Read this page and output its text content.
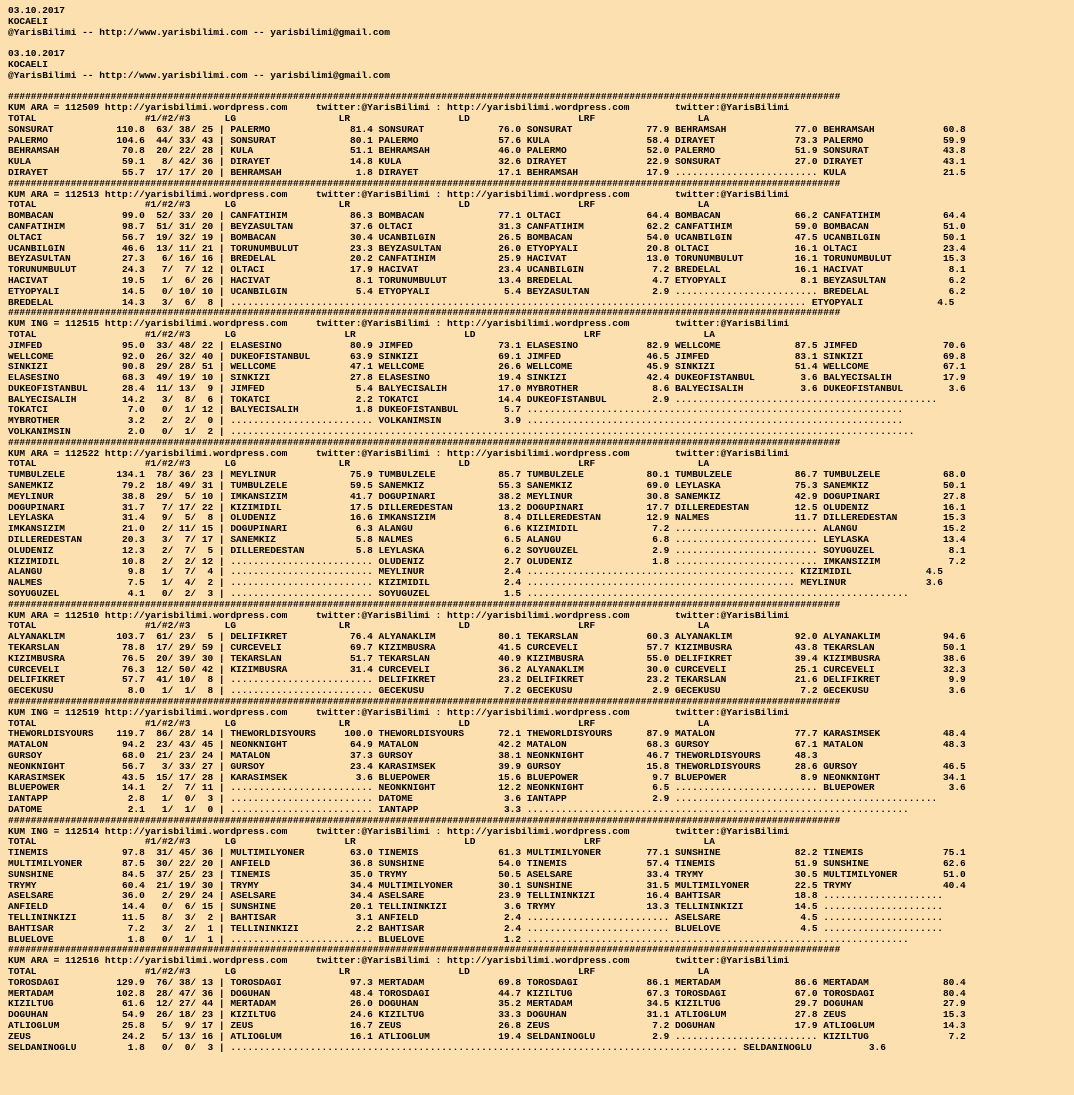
03.10.2017
KOCAELI
@YarisBilimi -- http://www.yarisbilimi.com -- yarisbilimi@gmail.com
03.10.2017
KOCAELI
@YarisBilimi -- http://www.yarisbilimi.com -- yarisbilimi@gmail.com
##################################################################################################################################################
KUM ARA = 112509 http://yarisbilimi.wordpress.com     twitter:@YarisBilimi : http://yarisbilimi.wordpress.com        twitter:@YarisBilimi
TOTAL                   #1/#2/#3      LG                  LR                   LD                   LRF                  LA
SONSURAT           110.8  63/ 38/ 25 | PALERMO              81.4 SONSURAT             76.0 SONSURAT             77.9 BEHRAMSAH            77.0 BEHRAMSAH            60.8
PALERMO            104.6  44/ 33/ 43 | SONSURAT             80.1 PALERMO              57.6 KULA                 58.4 DIRAYET              73.3 PALERMO              59.9
BEHRAMSAH           70.8  20/ 22/ 28 | KULA                 51.1 BEHRAMSAH            46.0 PALERMO              52.0 PALERMO              51.9 SONSURAT             43.8
KULA                59.1   8/ 42/ 36 | DIRAYET              14.8 KULA                 32.6 DIRAYET              22.9 SONSURAT             27.0 DIRAYET              43.1
DIRAYET             55.7  17/ 17/ 20 | BEHRAMSAH             1.8 DIRAYET              17.1 BEHRAMSAH            17.9 ......................... KULA                 21.5
##################################################################################################################################################
KUM ARA = 112513 http://yarisbilimi.wordpress.com     twitter:@YarisBilimi : http://yarisbilimi.wordpress.com        twitter:@YarisBilimi
TOTAL                   #1/#2/#3      LG                  LR                   LD                   LRF                  LA
BOMBACAN            99.0  52/ 33/ 20 | CANFATIHIM           86.3 BOMBACAN             77.1 OLTACI               64.4 BOMBACAN             66.2 CANFATIHIM           64.4
CANFATIHIM          98.7  51/ 31/ 20 | BEYZASULTAN          37.6 OLTACI               31.3 CANFATIHIM           62.2 CANFATIHIM           59.0 BOMBACAN             51.0
OLTACI              56.7  19/ 32/ 19 | BOMBACAN             30.4 UCANBILGIN           26.5 BOMBACAN             54.0 UCANBILGIN           47.5 UCANBILGIN           50.1
UCANBILGIN          46.6  13/ 11/ 21 | TORUNUMBULUT         23.3 BEYZASULTAN          26.0 ETYOPYALI            20.8 OLTACI               16.1 OLTACI               23.4
BEYZASULTAN         27.3   6/ 16/ 16 | BREDELAL             20.2 CANFATIHIM           25.9 HACIVAT              13.0 TORUNUMBULUT         16.1 TORUNUMBULUT         15.3
TORUNUMBULUT        24.3   7/  7/ 12 | OLTACI               17.9 HACIVAT              23.4 UCANBILGIN            7.2 BREDELAL             16.1 HACIVAT               8.1
HACIVAT             19.5   1/  6/ 26 | HACIVAT               8.1 TORUNUMBULUT         13.4 BREDELAL              4.7 ETYOPYALI             8.1 BEYZASULTAN           6.2
ETYOPYALI           14.5   0/ 10/ 10 | UCANBILGIN            5.4 ETYOPYALI             5.4 BEYZASULTAN           2.9 ......................... BREDELAL              6.2
BREDELAL            14.3   3/  6/  8 | ..................................................................................................... ETYOPYALI             4.5
##################################################################################################################################################
KUM ING = 112515 http://yarisbilimi.wordpress.com     twitter:@YarisBilimi : http://yarisbilimi.wordpress.com        twitter:@YarisBilimi
TOTAL                   #1/#2/#3      LG                   LR                   LD                   LRF                  LA
JIMFED              95.0  33/ 48/ 22 | ELASESINO            80.9 JIMFED               73.1 ELASESINO            82.9 WELLCOME             87.5 JIMFED               70.6
WELLCOME            92.0  26/ 32/ 40 | DUKEOFISTANBUL       63.9 SINKIZI              69.1 JIMFED               46.5 JIMFED               83.1 SINKIZI              69.8
SINKIZI             90.8  29/ 28/ 51 | WELLCOME             47.1 WELLCOME             26.6 WELLCOME             45.9 SINKIZI              51.4 WELLCOME             67.1
ELASESINO           68.3  49/ 19/ 10 | SINKIZI              27.8 ELASESINO            19.4 SINKIZI              42.4 DUKEOFISTANBUL        3.6 BALYECISALIH         17.9
DUKEOFISTANBUL      28.4  11/ 13/  9 | JIMFED                5.4 BALYECISALIH         17.0 MYBROTHER             8.6 BALYECISALIH          3.6 DUKEOFISTANBUL        3.6
BALYECISALIH        14.2   3/  8/  6 | TOKATCI               2.2 TOKATCI              14.4 DUKEOFISTANBUL        2.9 ..............................................
TOKATCI              7.0   0/  1/ 12 | BALYECISALIH          1.8 DUKEOFISTANBUL        5.7 ..................................................................
MYBROTHER            3.2   2/  2/  0 | ......................... VOLKANIMSIN           3.9 ..................................................................
VOLKANIMSIN          2.0   0/  1/  2 | ........................................................................................................................
##################################################################################################################################################
KUM ARA = 112522 http://yarisbilimi.wordpress.com     twitter:@YarisBilimi : http://yarisbilimi.wordpress.com        twitter:@YarisBilimi
TOTAL                   #1/#2/#3      LG                  LR                   LD                   LRF                  LA
TUMBULZELE         134.1  78/ 36/ 23 | MEYLINUR             75.9 TUMBULZELE           85.7 TUMBULZELE           80.1 TUMBULZELE           86.7 TUMBULZELE           68.0
SANEMKIZ            79.2  18/ 49/ 31 | TUMBULZELE           59.5 SANEMKIZ             55.3 SANEMKIZ             69.0 LEYLASKA             75.3 SANEMKIZ             50.1
MEYLINUR            38.8  29/  5/ 10 | IMKANSIZIM           41.7 DOGUPINARI           38.2 MEYLINUR             30.8 SANEMKIZ             42.9 DOGUPINARI           27.8
DOGUPINARI          31.7   7/ 17/ 22 | KIZIMIDIL            17.5 DILLEREDESTAN        13.2 DOGUPINARI           17.7 DILLEREDESTAN        12.5 OLUDENIZ             16.1
LEYLASKA            31.4   9/  5/  8 | OLUDENIZ             16.6 IMKANSIZIM            8.4 DILLEREDESTAN        12.9 NALMES               11.7 DILLEREDESTAN        15.3
IMKANSIZIM          21.0   2/ 11/ 15 | DOGUPINARI            6.3 ALANGU                6.6 KIZIMIDIL             7.2 ......................... ALANGU               15.2
DILLEREDESTAN       20.3   3/  7/ 17 | SANEMKIZ              5.8 NALMES                6.5 ALANGU                6.8 ......................... LEYLASKA             13.4
OLUDENIZ            12.3   2/  7/  5 | DILLEREDESTAN         5.8 LEYLASKA              6.2 SOYUGUZEL             2.9 ......................... SOYUGUZEL             8.1
KIZIMIDIL           10.8   2/  2/ 12 | ......................... OLUDENIZ              2.7 OLUDENIZ              1.8 ......................... IMKANSIZIM            7.2
ALANGU               9.8   1/  7/  4 | ......................... MEYLINUR              2.4 ............................................... KIZIMIDIL             4.5
NALMES               7.5   1/  4/  2 | ......................... KIZIMIDIL             2.4 ............................................... MEYLINUR              3.6
SOYUGUZEL            4.1   0/  2/  3 | ......................... SOYUGUZEL             1.5 ...................................................................
##################################################################################################################################################
KUM ARA = 112510 http://yarisbilimi.wordpress.com     twitter:@YarisBilimi : http://yarisbilimi.wordpress.com        twitter:@YarisBilimi
TOTAL                   #1/#2/#3      LG                  LR                   LD                   LRF                  LA
ALYANAKLIM         103.7  61/ 23/  5 | DELIFIKRET           76.4 ALYANAKLIM           80.1 TEKARSLAN            60.3 ALYANAKLIM           92.0 ALYANAKLIM           94.6
TEKARSLAN           78.8  17/ 29/ 59 | CURCEVELI            69.7 KIZIMBUSRA           41.5 CURCEVELI            57.7 KIZIMBUSRA           43.8 TEKARSLAN            50.1
KIZIMBUSRA          76.5  20/ 39/ 30 | TEKARSLAN            51.7 TEKARSLAN            40.9 KIZIMBUSRA           55.0 DELIFIKRET           39.4 KIZIMBUSRA           38.6
CURCEVELI           76.3  12/ 50/ 42 | KIZIMBUSRA           31.4 CURCEVELI            36.2 ALYANAKLIM           30.0 CURCEVELI            25.1 CURCEVELI            32.3
DELIFIKRET          57.7  41/ 10/  8 | ......................... DELIFIKRET           23.2 DELIFIKRET           23.2 TEKARSLAN            21.6 DELIFIKRET            9.9
GECEKUSU             8.0   1/  1/  8 | ......................... GECEKUSU              7.2 GECEKUSU              2.9 GECEKUSU              7.2 GECEKUSU              3.6
##################################################################################################################################################
KUM ING = 112519 http://yarisbilimi.wordpress.com     twitter:@YarisBilimi : http://yarisbilimi.wordpress.com        twitter:@YarisBilimi
TOTAL                   #1/#2/#3      LG                  LR                   LD                   LRF                  LA
THEWORLDISYOURS    119.7  86/ 28/ 14 | THEWORLDISYOURS     100.0 THEWORLDISYOURS      72.1 THEWORLDISYOURS      87.9 MATALON              77.7 KARASIMSEK           48.4
MATALON             94.2  23/ 43/ 45 | NEONKNIGHT           64.9 MATALON              42.2 MATALON              68.3 GURSOY               67.1 MATALON              48.3
GURSOY              68.0  21/ 23/ 24 | MATALON              37.3 GURSOY               38.1 NEONKNIGHT           46.7 THEWORLDISYOURS      48.3
NEONKNIGHT          56.7   3/ 33/ 27 | GURSOY               23.4 KARASIMSEK           39.9 GURSOY               15.8 THEWORLDISYOURS      28.6 GURSOY               46.5
KARASIMSEK          43.5  15/ 17/ 28 | KARASIMSEK            3.6 BLUEPOWER            15.6 BLUEPOWER             9.7 BLUEPOWER             8.9 NEONKNIGHT           34.1
BLUEPOWER           14.1   2/  7/ 11 | ......................... NEONKNIGHT           12.2 NEONKNIGHT            6.5 ......................... BLUEPOWER             3.6
IANTAPP              2.8   1/  0/  3 | ......................... DATOME                3.6 IANTAPP               2.9 ..............................................
DATOME               2.1   1/  1/  0 | ......................... IANTAPP               3.3 ...................................................................
##################################################################################################################################################
KUM ING = 112514 http://yarisbilimi.wordpress.com     twitter:@YarisBilimi : http://yarisbilimi.wordpress.com        twitter:@YarisBilimi
TOTAL                   #1/#2/#3      LG                   LR                   LD                   LRF                  LA
TINEMIS             97.8  31/ 45/ 36 | MULTIMILYONER        63.0 TINEMIS              61.3 MULTIMILYONER        77.1 SUNSHINE             82.2 TINEMIS              75.1
MULTIMILYONER       87.5  30/ 22/ 20 | ANFIELD              36.8 SUNSHINE             54.0 TINEMIS              57.4 TINEMIS              51.9 SUNSHINE             62.6
SUNSHINE            84.5  37/ 25/ 23 | TINEMIS              35.0 TRYMY                50.5 ASELSARE             33.4 TRYMY                30.5 MULTIMILYONER        51.0
TRYMY               60.4  21/ 19/ 30 | TRYMY                34.4 MULTIMILYONER        30.1 SUNSHINE             31.5 MULTIMILYONER        22.5 TRYMY                40.4
ASELSARE            36.0   2/ 29/ 24 | ASELSARE             34.4 ASELSARE             23.9 TELLININKIZI         16.4 BAHTISAR             18.8 .....................
ANFIELD             14.4   0/  6/ 15 | SUNSHINE             20.1 TELLININKIZI          3.6 TRYMY                13.3 TELLININKIZI         14.5 .....................
TELLININKIZI        11.5   8/  3/  2 | BAHTISAR              3.1 ANFIELD               2.4 ......................... ASELSARE              4.5 .....................
BAHTISAR             7.2   3/  2/  1 | TELLININKIZI          2.2 BAHTISAR              2.4 ......................... BLUELOVE              4.5 .....................
BLUELOVE             1.8   0/  1/  1 | ......................... BLUELOVE              1.2 ...................................................................
##################################################################################################################################################
KUM ARA = 112516 http://yarisbilimi.wordpress.com     twitter:@YarisBilimi : http://yarisbilimi.wordpress.com        twitter:@YarisBilimi
TOTAL                   #1/#2/#3      LG                  LR                   LD                   LRF                  LA
TOROSDAGI          129.9  76/ 38/ 13 | TOROSDAGI            97.3 MERTADAM             69.8 TOROSDAGI            86.1 MERTADAM             86.6 MERTADAM             80.4
MERTADAM           102.8  28/ 47/ 36 | DOGUHAN              48.4 TOROSDAGI            44.7 KIZILTUG             67.3 TOROSDAGI            67.0 TOROSDAGI            80.4
KIZILTUG            61.6  12/ 27/ 44 | MERTADAM             26.0 DOGUHAN              35.2 MERTADAM             34.5 KIZILTUG             29.7 DOGUHAN              27.9
DOGUHAN             54.9  26/ 18/ 23 | KIZILTUG             24.6 KIZILTUG             33.3 DOGUHAN              31.1 ATLIOGLUM            27.8 ZEUS                 15.3
ATLIOGLUM           25.8   5/  9/ 17 | ZEUS                 16.7 ZEUS                 26.8 ZEUS                  7.2 DOGUHAN              17.9 ATLIOGLUM            14.3
ZEUS                24.2   5/ 13/ 16 | ATLIOGLUM            16.1 ATLIOGLUM            19.4 SELDANINOGLU          2.9 ......................... KIZILTUG              7.2
SELDANINOGLU         1.8   0/  0/  3 | ......................................................................................... SELDANINOGLU          3.6
